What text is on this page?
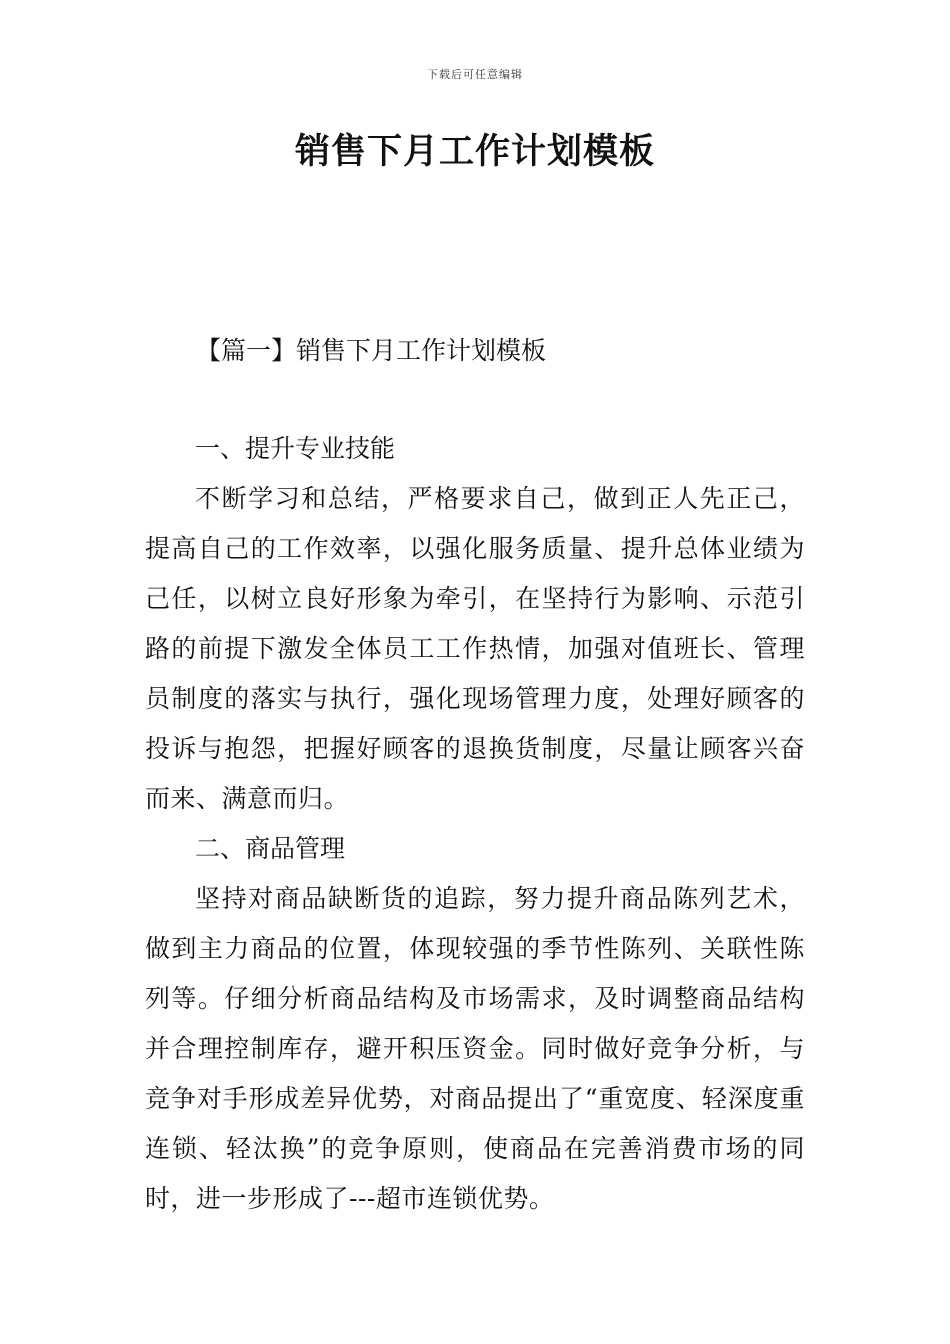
下载后可任意编辑
销售下月工作计划模板
【篇一】销售下月工作计划模板

一、提升专业技能

不断学习和总结，严格要求自己，做到正人先正己，提高自己的工作效率，以强化服务质量、提升总体业绩为己任，以树立良好形象为牵引，在坚持行为影响、示范引路的前提下激发全体员工工作热情，加强对值班长、管理员制度的落实与执行，强化现场管理力度，处理好顾客的投诉与抱怨，把握好顾客的退换货制度，尽量让顾客兴奋而来、满意而归。

二、商品管理

坚持对商品缺断货的追踪，努力提升商品陈列艺术，做到主力商品的位置，体现较强的季节性陈列、关联性陈列等。仔细分析商品结构及市场需求，及时调整商品结构并合理控制库存，避开积压资金。同时做好竞争分析，与竞争对手形成差异优势，对商品提出了“重宽度、轻深度重连锁、轻汰换”的竞争原则，使商品在完善消费市场的同时，进一步形成了---超市连锁优势。
